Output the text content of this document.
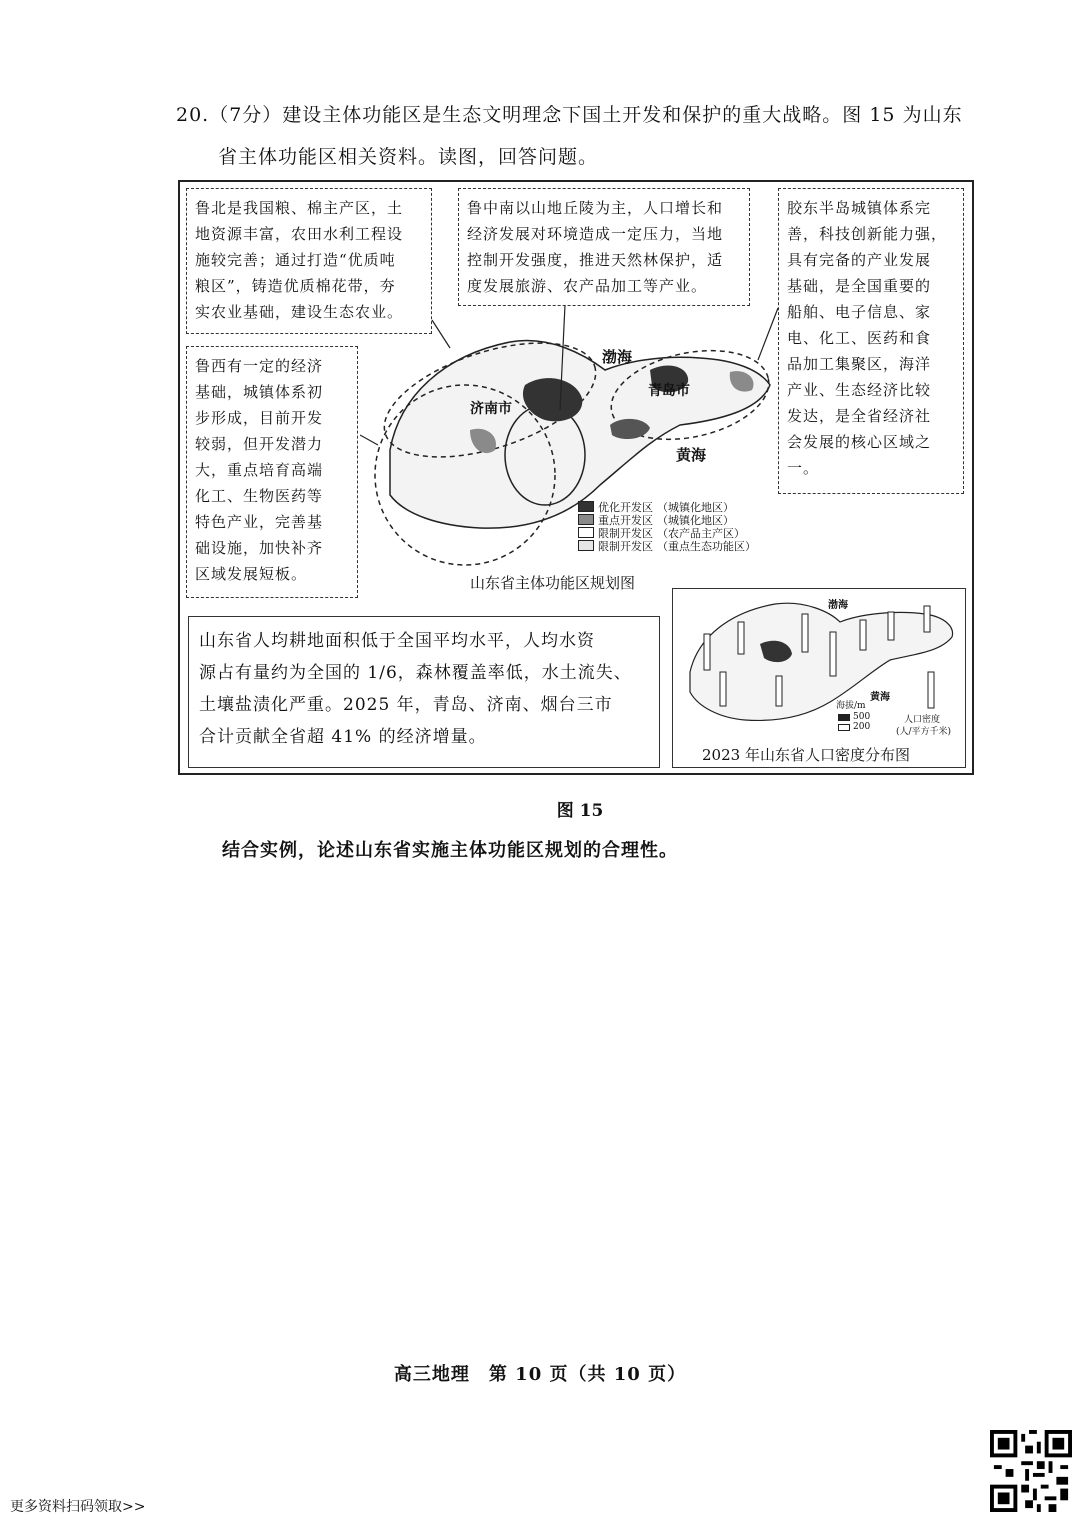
20.（7分）建设主体功能区是生态文明理念下国土开发和保护的重大战略。图 15 为山东
省主体功能区相关资料。读图，回答问题。
鲁北是我国粮、棉主产区，土
地资源丰富，农田水利工程设
施较完善；通过打造“优质吨
粮区”，铸造优质棉花带，夯
实农业基础，建设生态农业。
鲁中南以山地丘陵为主，人口增长和
经济发展对环境造成一定压力，当地
控制开发强度，推进天然林保护，适
度发展旅游、农产品加工等产业。
胶东半岛城镇体系完
善，科技创新能力强，
具有完备的产业发展
基础，是全国重要的
船舶、电子信息、家
电、化工、医药和食
品加工集聚区，海洋
产业、生态经济比较
发达，是全省经济社
会发展的核心区域之
一。
鲁西有一定的经济
基础，城镇体系初
步形成，目前开发
较弱，但开发潜力
大，重点培育高端
化工、生物医药等
特色产业，完善基
础设施，加快补齐
区域发展短板。
济南市
青岛市
渤海
黄海
优化开发区 （城镇化地区）
重点开发区 （城镇化地区）
限制开发区 （农产品主产区）
限制开发区 （重点生态功能区）
山东省主体功能区规划图
山东省人均耕地面积低于全国平均水平，人均水资
源占有量约为全国的 1/6，森林覆盖率低，水土流失、
土壤盐渍化严重。2025 年，青岛、济南、烟台三市
合计贡献全省超 41% 的经济增量。
渤海
黄海
海拔/m
500
200
人口密度
(人/平方千米)
2023 年山东省人口密度分布图
图 15
结合实例，论述山东省实施主体功能区规划的合理性。
高三地理　第 10 页（共 10 页）
更多资料扫码领取>>
